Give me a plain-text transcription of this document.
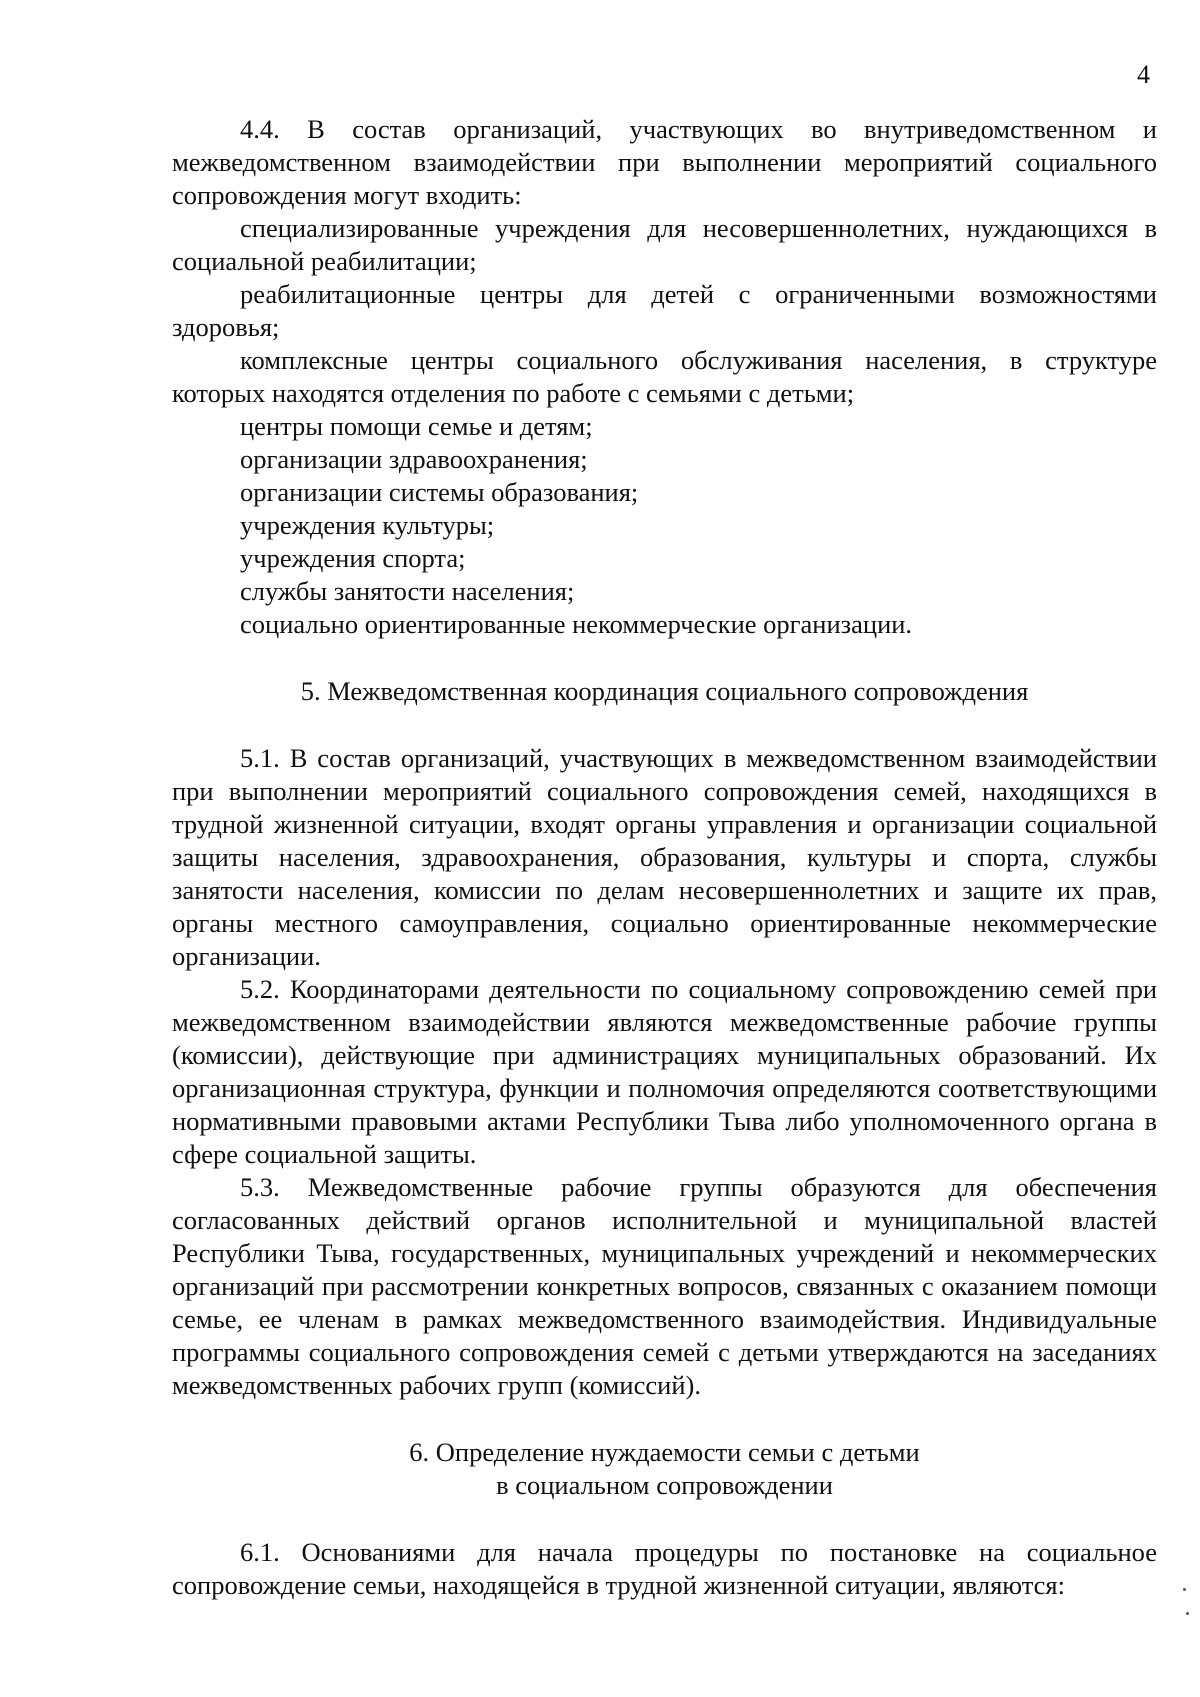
4

4.4. В состав организаций, участвующих во внутриведомственном и межведомственном взаимодействии при выполнении мероприятий социального сопровождения могут входить:

специализированные учреждения для несовершеннолетних, нуждающихся в социальной реабилитации;

реабилитационные центры для детей с ограниченными возможностями здоровья;

комплексные центры социального обслуживания населения, в структуре которых находятся отделения по работе с семьями с детьми;

центры помощи семье и детям;

организации здравоохранения;

организации системы образования;

учреждения культуры;

учреждения спорта;

службы занятости населения;

социально ориентированные некоммерческие организации.

5. Межведомственная координация социального сопровождения

5.1. В состав организаций, участвующих в межведомственном взаимодействии при выполнении мероприятий социального сопровождения семей, находящихся в трудной жизненной ситуации, входят органы управления и организации социальной защиты населения, здравоохранения, образования, культуры и спорта, службы занятости населения, комиссии по делам несовершеннолетних и защите их прав, органы местного самоуправления, социально ориентированные некоммерческие организации.

5.2. Координаторами деятельности по социальному сопровождению семей при межведомственном взаимодействии являются межведомственные рабочие группы (комиссии), действующие при администрациях муниципальных образований. Их организационная структура, функции и полномочия определяются соответствующими нормативными правовыми актами Республики Тыва либо уполномоченного органа в сфере социальной защиты.

5.3. Межведомственные рабочие группы образуются для обеспечения согласованных действий органов исполнительной и муниципальной властей Республики Тыва, государственных, муниципальных учреждений и некоммерческих организаций при рассмотрении конкретных вопросов, связанных с оказанием помощи семье, ее членам в рамках межведомственного взаимодействия. Индивидуальные программы социального сопровождения семей с детьми утверждаются на заседаниях межведомственных рабочих групп (комиссий).

6. Определение нуждаемости семьи с детьми
в социальном сопровождении

6.1. Основаниями для начала процедуры по постановке на социальное сопровождение семьи, находящейся в трудной жизненной ситуации, являются:
